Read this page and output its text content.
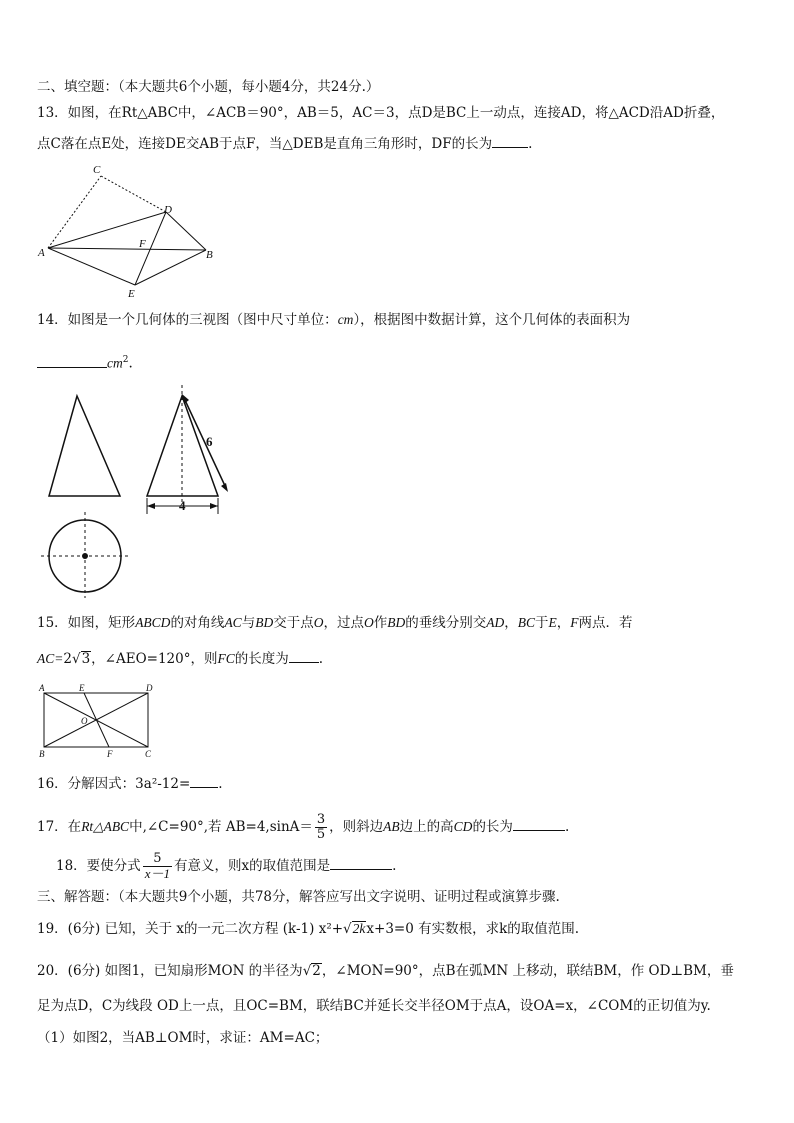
二、填空题：（本大题共6个小题，每小题4分，共24分.）
13．如图，在Rt△ABC中，∠ACB＝90°，AB＝5，AC＝3，点D是BC上一动点，连接AD，将△ACD沿AD折叠，
点C落在点E处，连接DE交AB于点F，当△DEB是直角三角形时，DF的长为	.
C
D
A	B
F
E
14．如图是一个几何体的三视图（图中尺寸单位：cm），根据图中数据计算，这个几何体的表面积为
$cm^2$.
6
4
15．如图，矩形ABCD的对角线AC与BD交于点O，过点O作BD的垂线分别交AD，BC于E，F两点．若
AC=2√3，∠AEO=120°，则FC的长度为 .
A	E	D
O
B	F	C
16．分解因式：3a²-12= .
17．在Rt△ABC中,∠C=90°,若 $AB=4,\sin A= \frac{3}{5}$ ，则斜边AB边上的高CD的长为	.
18．要使分式 $\frac{5}{x-1}$ 有意义，则x的取值范围是	.
三、解答题：（本大题共9个小题，共78分，解答应写出文字说明、证明过程或演算步骤.
19．(6分) 已知，关于 x的一元二次方程 (k-1) x²+√2kx+3=0 有实数根，求k的取值范围.
20．(6分) 如图1，已知扇形MON 的半径为√2，∠MON=90°，点B在弧MN 上移动，联结BM，作 OD⊥BM，垂
足为点D，C为线段 OD上一点，且OC=BM，联结BC并延长交半径OM于点A，设OA=x，∠COM的正切值为y.
（1）如图2，当AB⊥OM时，求证：AM=AC；
